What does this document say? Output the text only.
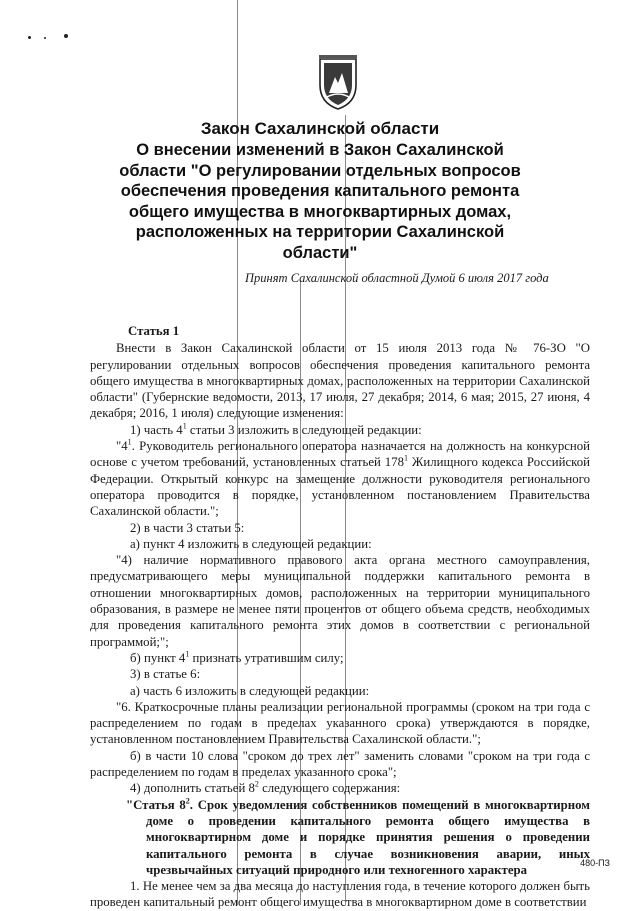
Закон Сахалинской области

О внесении изменений в Закон Сахалинской

области "О регулировании отдельных вопросов

обеспечения проведения капитального ремонта

общего имущества в многоквартирных домах,

расположенных на территории Сахалинской

области"

Принят Сахалинской областной Думой 6 июля 2017 года

Статья 1

Внести в Закон Сахалинской области от 15 июля 2013 года № 76-ЗО "О регулировании отдельных вопросов обеспечения проведения капитального ремонта общего имущества в многоквартирных домах, расположенных на территории Сахалинской области" (Губернские ведомости, 2013, 17 июля, 27 декабря; 2014, 6 мая; 2015, 27 июня, 4 декабря; 2016, 1 июля) следующие изменения:

1) часть $4^1$ статьи 3 изложить в следующей редакции:

"$4^1$. Руководитель регионального оператора назначается на должность на конкурсной основе с учетом требований, установленных статьей $178^1$ Жилищного кодекса Российской Федерации. Открытый конкурс на замещение должности руководителя регионального оператора проводится в порядке, установленном постановлением Правительства Сахалинской области.";

2) в части 3 статьи 5:

а) пункт 4 изложить в следующей редакции:

"4) наличие нормативного правового акта органа местного самоуправления, предусматривающего меры муниципальной поддержки капитального ремонта в отношении многоквартирных домов, расположенных на территории муниципального образования, в размере не менее пяти процентов от общего объема средств, необходимых для проведения капитального ремонта этих домов в соответствии с региональной программой;";

б) пункт $4^1$ признать утратившим силу;

3) в статье 6:

а) часть 6 изложить в следующей редакции:

"6. Краткосрочные планы реализации региональной программы (сроком на три года с распределением по годам в пределах указанного срока) утверждаются в порядке, установленном постановлением Правительства Сахалинской области.";

б) в части 10 слова "сроком до трех лет" заменить словами "сроком на три года с распределением по годам в пределах указанного срока";

4) дополнить статьей $8^2$ следующего содержания:

"Статья $8^2$. Срок уведомления собственников помещений в многоквартирном доме о проведении капитального ремонта общего имущества в многоквартирном доме и порядке принятия решения о проведении капитального ремонта в случае возникновения аварии, иных чрезвычайных ситуаций природного или техногенного характера

1. Не менее чем за два месяца до наступления года, в течение которого должен быть проведен капитальный ремонт общего имущества в многоквартирном доме в соответствии

480-ПЗ
